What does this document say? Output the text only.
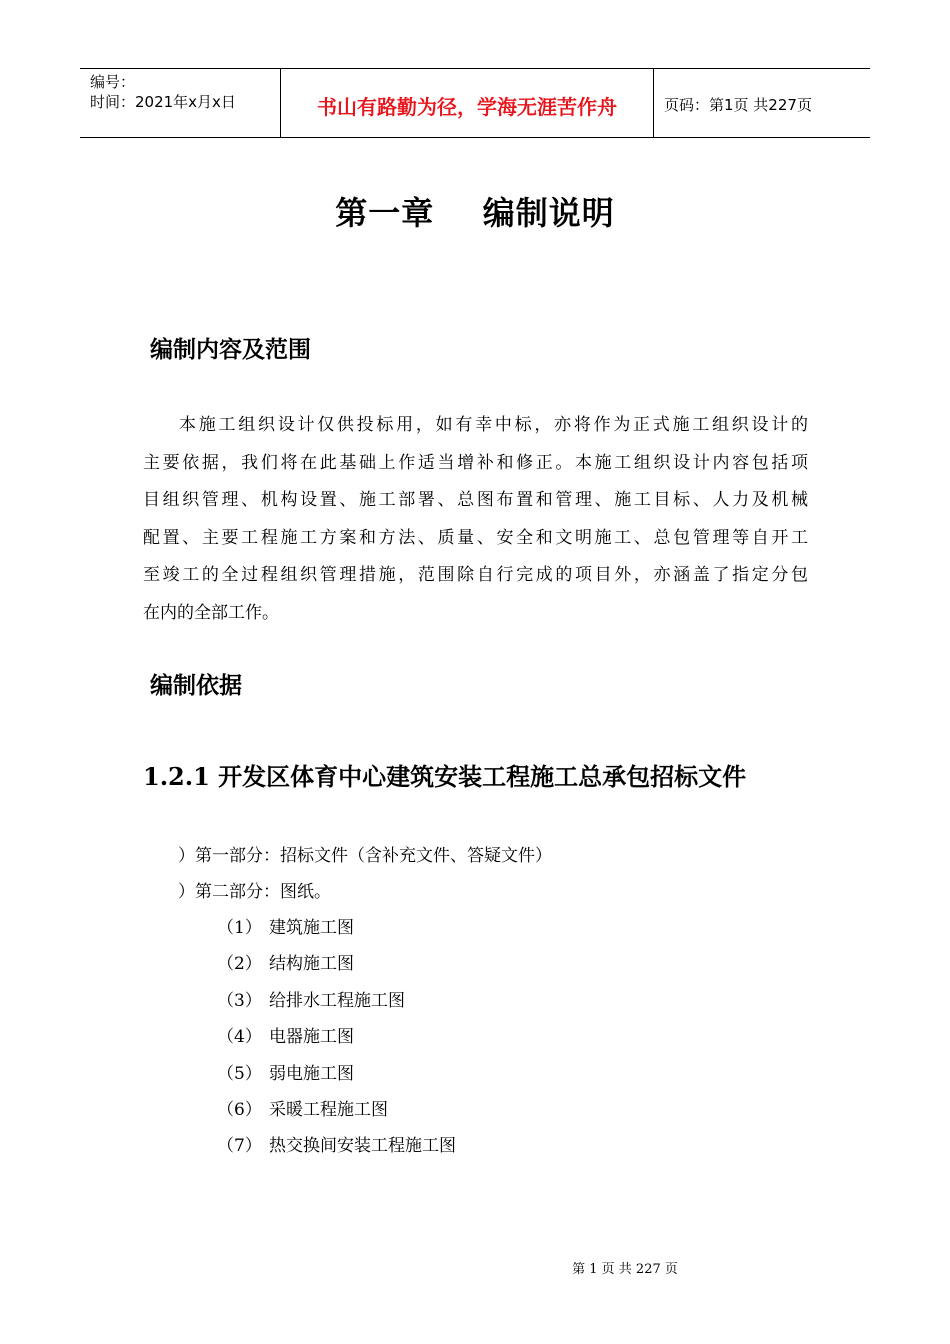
编号：
时间：2021年x月x日	书山有路勤为径，学海无涯苦作舟	页码：第1页 共227页
第一章    编制说明
编制内容及范围
本施工组织设计仅供投标用，如有幸中标，亦将作为正式施工组织设计的
主要依据，我们将在此基础上作适当增补和修正。本施工组织设计内容包括项
目组织管理、机构设置、施工部署、总图布置和管理、施工目标、人力及机械
配置、主要工程施工方案和方法、质量、安全和文明施工、总包管理等自开工
至竣工的全过程组织管理措施，范围除自行完成的项目外，亦涵盖了指定分包
在内的全部工作。
编制依据
1.2.1 开发区体育中心建筑安装工程施工总承包招标文件
）第一部分：招标文件（含补充文件、答疑文件）
）第二部分：图纸。
（1） 建筑施工图
（2） 结构施工图
（3） 给排水工程施工图
（4） 电器施工图
（5） 弱电施工图
（6） 采暖工程施工图
（7） 热交换间安装工程施工图
第 1 页 共 227 页
